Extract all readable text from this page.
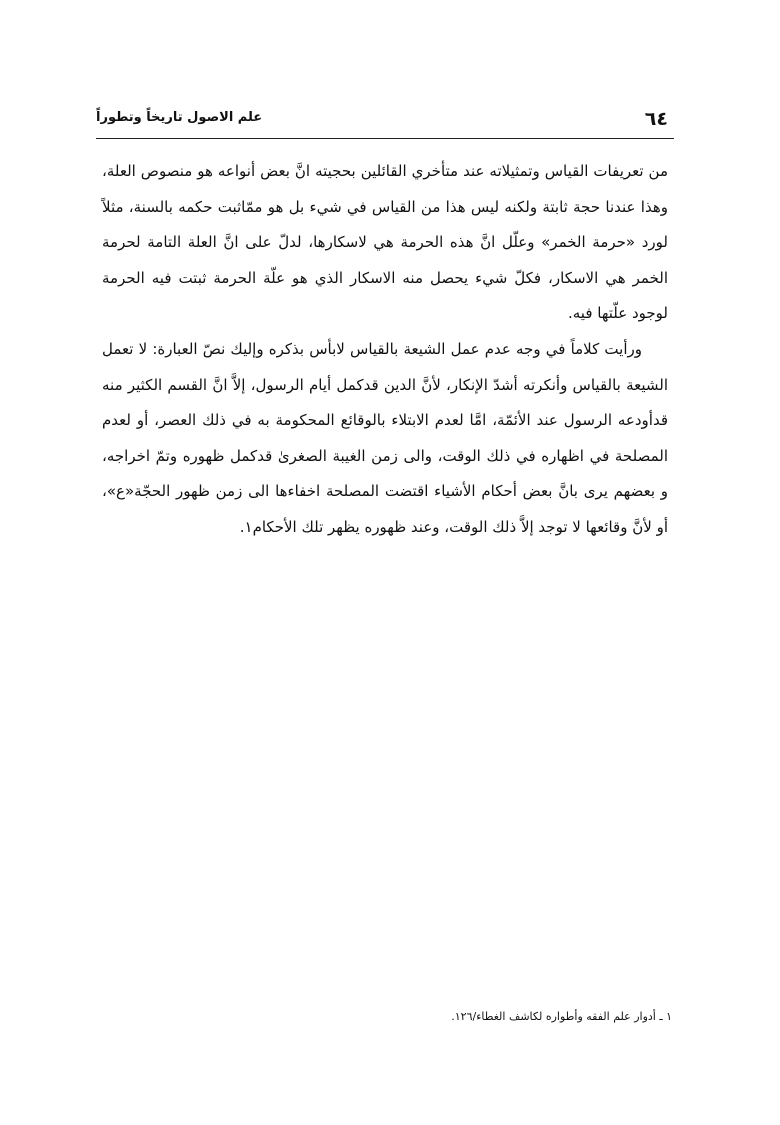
علم الاصول تاريخاً وتطوراً	٦٤

من تعريفات القياس وتمثيلاته عند متأخري القائلين بحجيته انَّ بعض أنواعه هو منصوص العلة، وهذا عندنا حجة ثابتة ولكنه ليس هذا من القياس في شيء بل هو ممّاثبت حكمه بالسنة، مثلاً لورد «حرمة الخمر» وعلّل انَّ هذه الحرمة هي لاسكارها، لدلّ على انَّ العلة التامة لحرمة الخمر هي الاسكار، فكلّ شيء يحصل منه الاسكار الذي هو علّة الحرمة ثبتت فيه الحرمة لوجود علّتها فيه.

ورأيت كلاماً في وجه عدم عمل الشيعة بالقياس لابأس بذكره وإليك نصّ العبارة: لا تعمل الشيعة بالقياس وأنكرته أشدّ الإنكار، لأنَّ الدين قدكمل أيام الرسول، إلاَّ انَّ القسم الكثير منه قدأودعه الرسول عند الأئمّة، امَّا لعدم الابتلاء بالوقائع المحكومة به في ذلك العصر، أو لعدم المصلحة في اظهاره في ذلك الوقت، والى زمن الغيبة الصغرىٰ قدكمل ظهوره وتمّ اخراجه، و بعضهم يرى بانَّ بعض أحكام الأشياء اقتضت المصلحة اخفاءها الى زمن ظهور الحجّة«ع»، أو لأنَّ وقائعها لا توجد إلاَّ ذلك الوقت، وعند ظهوره يظهر تلك الأحكام١.

١ ـ أدوار علم الفقه وأطواره لكاشف الغطاء/١٢٦.
